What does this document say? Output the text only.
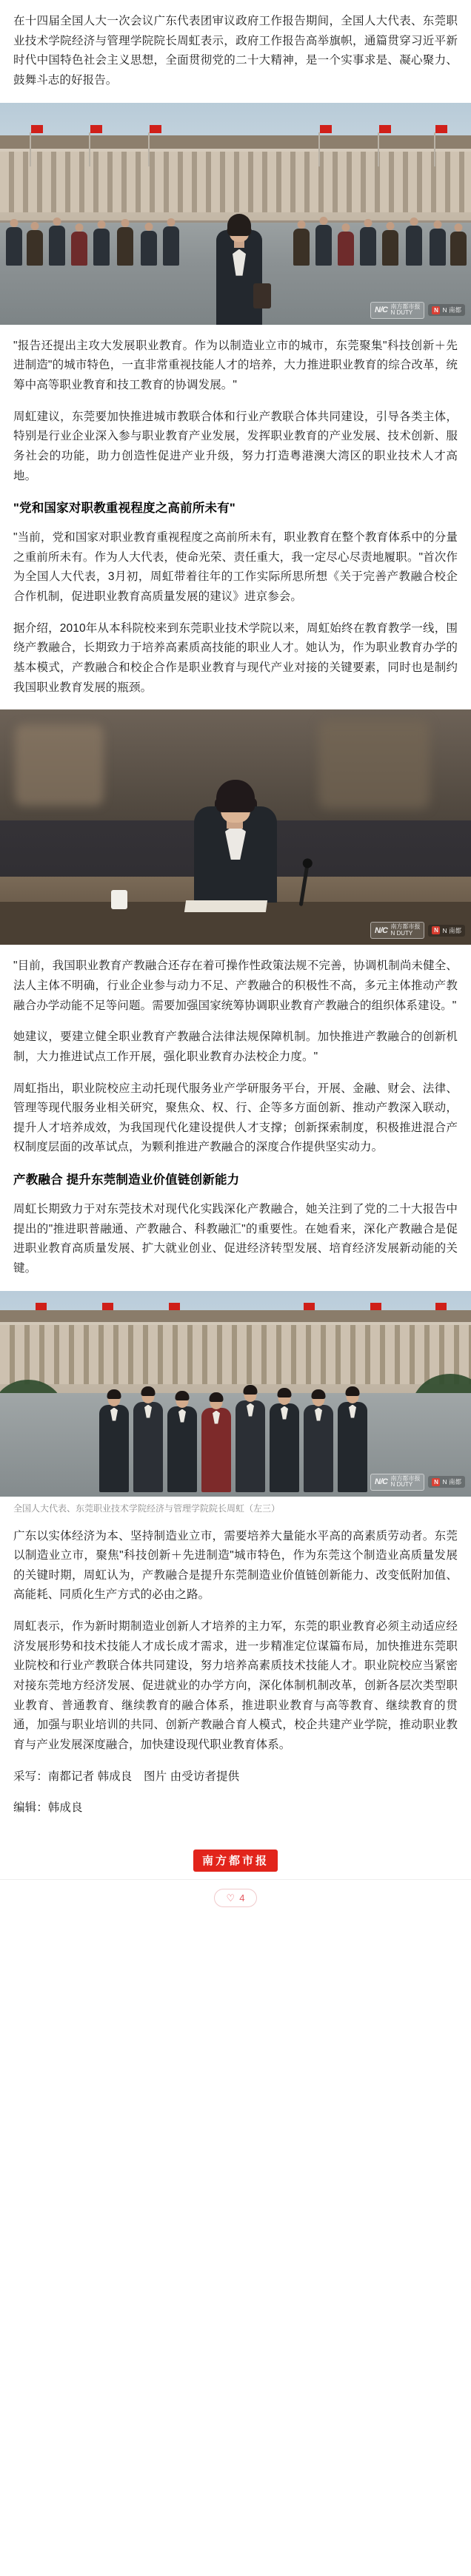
在十四届全国人大一次会议广东代表团审议政府工作报告期间，全国人大代表、东莞职业技术学院经济与管理学院院长周虹表示，政府工作报告高举旗帜，通篇贯穿习近平新时代中国特色社会主义思想，全面贯彻党的二十大精神，是一个实事求是、凝心聚力、鼓舞斗志的好报告。

N/C 南方都市报
N DUTY	N N 南都

"报告还提出主攻大发展职业教育。作为以制造业立市的城市，东莞聚集"科技创新＋先进制造"的城市特色，一直非常重视技能人才的培养，大力推进职业教育的综合改革，统筹中高等职业教育和技工教育的协调发展。"

周虹建议，东莞要加快推进城市教联合体和行业产教联合体共同建设，引导各类主体，特别是行业企业深入参与职业教育产业发展，发挥职业教育的产业发展、技术创新、服务社会的功能，助力创造性促进产业升级，努力打造粤港澳大湾区的职业技术人才高地。

"党和国家对职教重视程度之高前所未有"

"当前，党和国家对职业教育重视程度之高前所未有，职业教育在整个教育体系中的分量之重前所未有。作为人大代表，使命光荣、责任重大，我一定尽心尽责地履职。"首次作为全国人大代表，3月初，周虹带着往年的工作实际所思所想《关于完善产教融合校企合作机制，促进职业教育高质量发展的建议》进京参会。

据介绍，2010年从本科院校来到东莞职业技术学院以来，周虹始终在教育教学一线，围绕产教融合，长期致力于培养高素质高技能的职业人才。她认为，作为职业教育办学的基本模式，产教融合和校企合作是职业教育与现代产业对接的关键要素，同时也是制约我国职业教育发展的瓶颈。

N/C 南方都市报
N DUTY	N N 南都

"目前，我国职业教育产教融合还存在着可操作性政策法规不完善，协调机制尚未健全、法人主体不明确，行业企业参与动力不足、产教融合的积极性不高，多元主体推动产教融合办学动能不足等问题。需要加强国家统筹协调职业教育产教融合的组织体系建设。"

她建议，要建立健全职业教育产教融合法律法规保障机制。加快推进产教融合的创新机制，大力推进试点工作开展，强化职业教育办法校企力度。"

周虹指出，职业院校应主动托现代服务业产学研服务平台，开展、金融、财会、法律、管理等现代服务业相关研究，聚焦众、权、行、企等多方面创新、推动产教深入联动，提升人才培养成效，为我国现代化建设提供人才支撑；创新探索制度，积极推进混合产权制度层面的改革试点，为颗利推进产教融合的深度合作提供坚实动力。

产教融合 提升东莞制造业价值链创新能力

周虹长期致力于对东莞技术对现代化实践深化产教融合，她关注到了党的二十大报告中提出的"推进职普融通、产教融合、科教融汇"的重要性。在她看来，深化产教融合是促进职业教育高质量发展、扩大就业创业、促进经济转型发展、培育经济发展新动能的关键。

N/C 南方都市报
N DUTY	N N 南都
全国人大代表、东莞职业技术学院经济与管理学院院长周虹（左三）

广东以实体经济为本、坚持制造业立市，需要培养大量能水平高的高素质劳动者。东莞以制造业立市，聚焦"科技创新＋先进制造"城市特色，作为东莞这个制造业高质量发展的关键时期，周虹认为，产教融合是提升东莞制造业价值链创新能力、改变低附加值、高能耗、同质化生产方式的必由之路。

周虹表示，作为新时期制造业创新人才培养的主力军，东莞的职业教育必须主动适应经济发展形势和技术技能人才成长成才需求，进一步精准定位谋篇布局，加快推进东莞职业院校和行业产教联合体共同建设，努力培养高素质技术技能人才。职业院校应当紧密对接东莞地方经济发展、促进就业的办学方向，深化体制机制改革，创新各层次类型职业教育、普通教育、继续教育的融合体系，推进职业教育与高等教育、继续教育的贯通，加强与职业培训的共同、创新产教融合育人模式，校企共建产业学院，推动职业教育与产业发展深度融合，加快建设现代职业教育体系。

采写：南都记者 韩成良　图片 由受访者提供

编辑：韩成良

南方都市报
♡ 4
